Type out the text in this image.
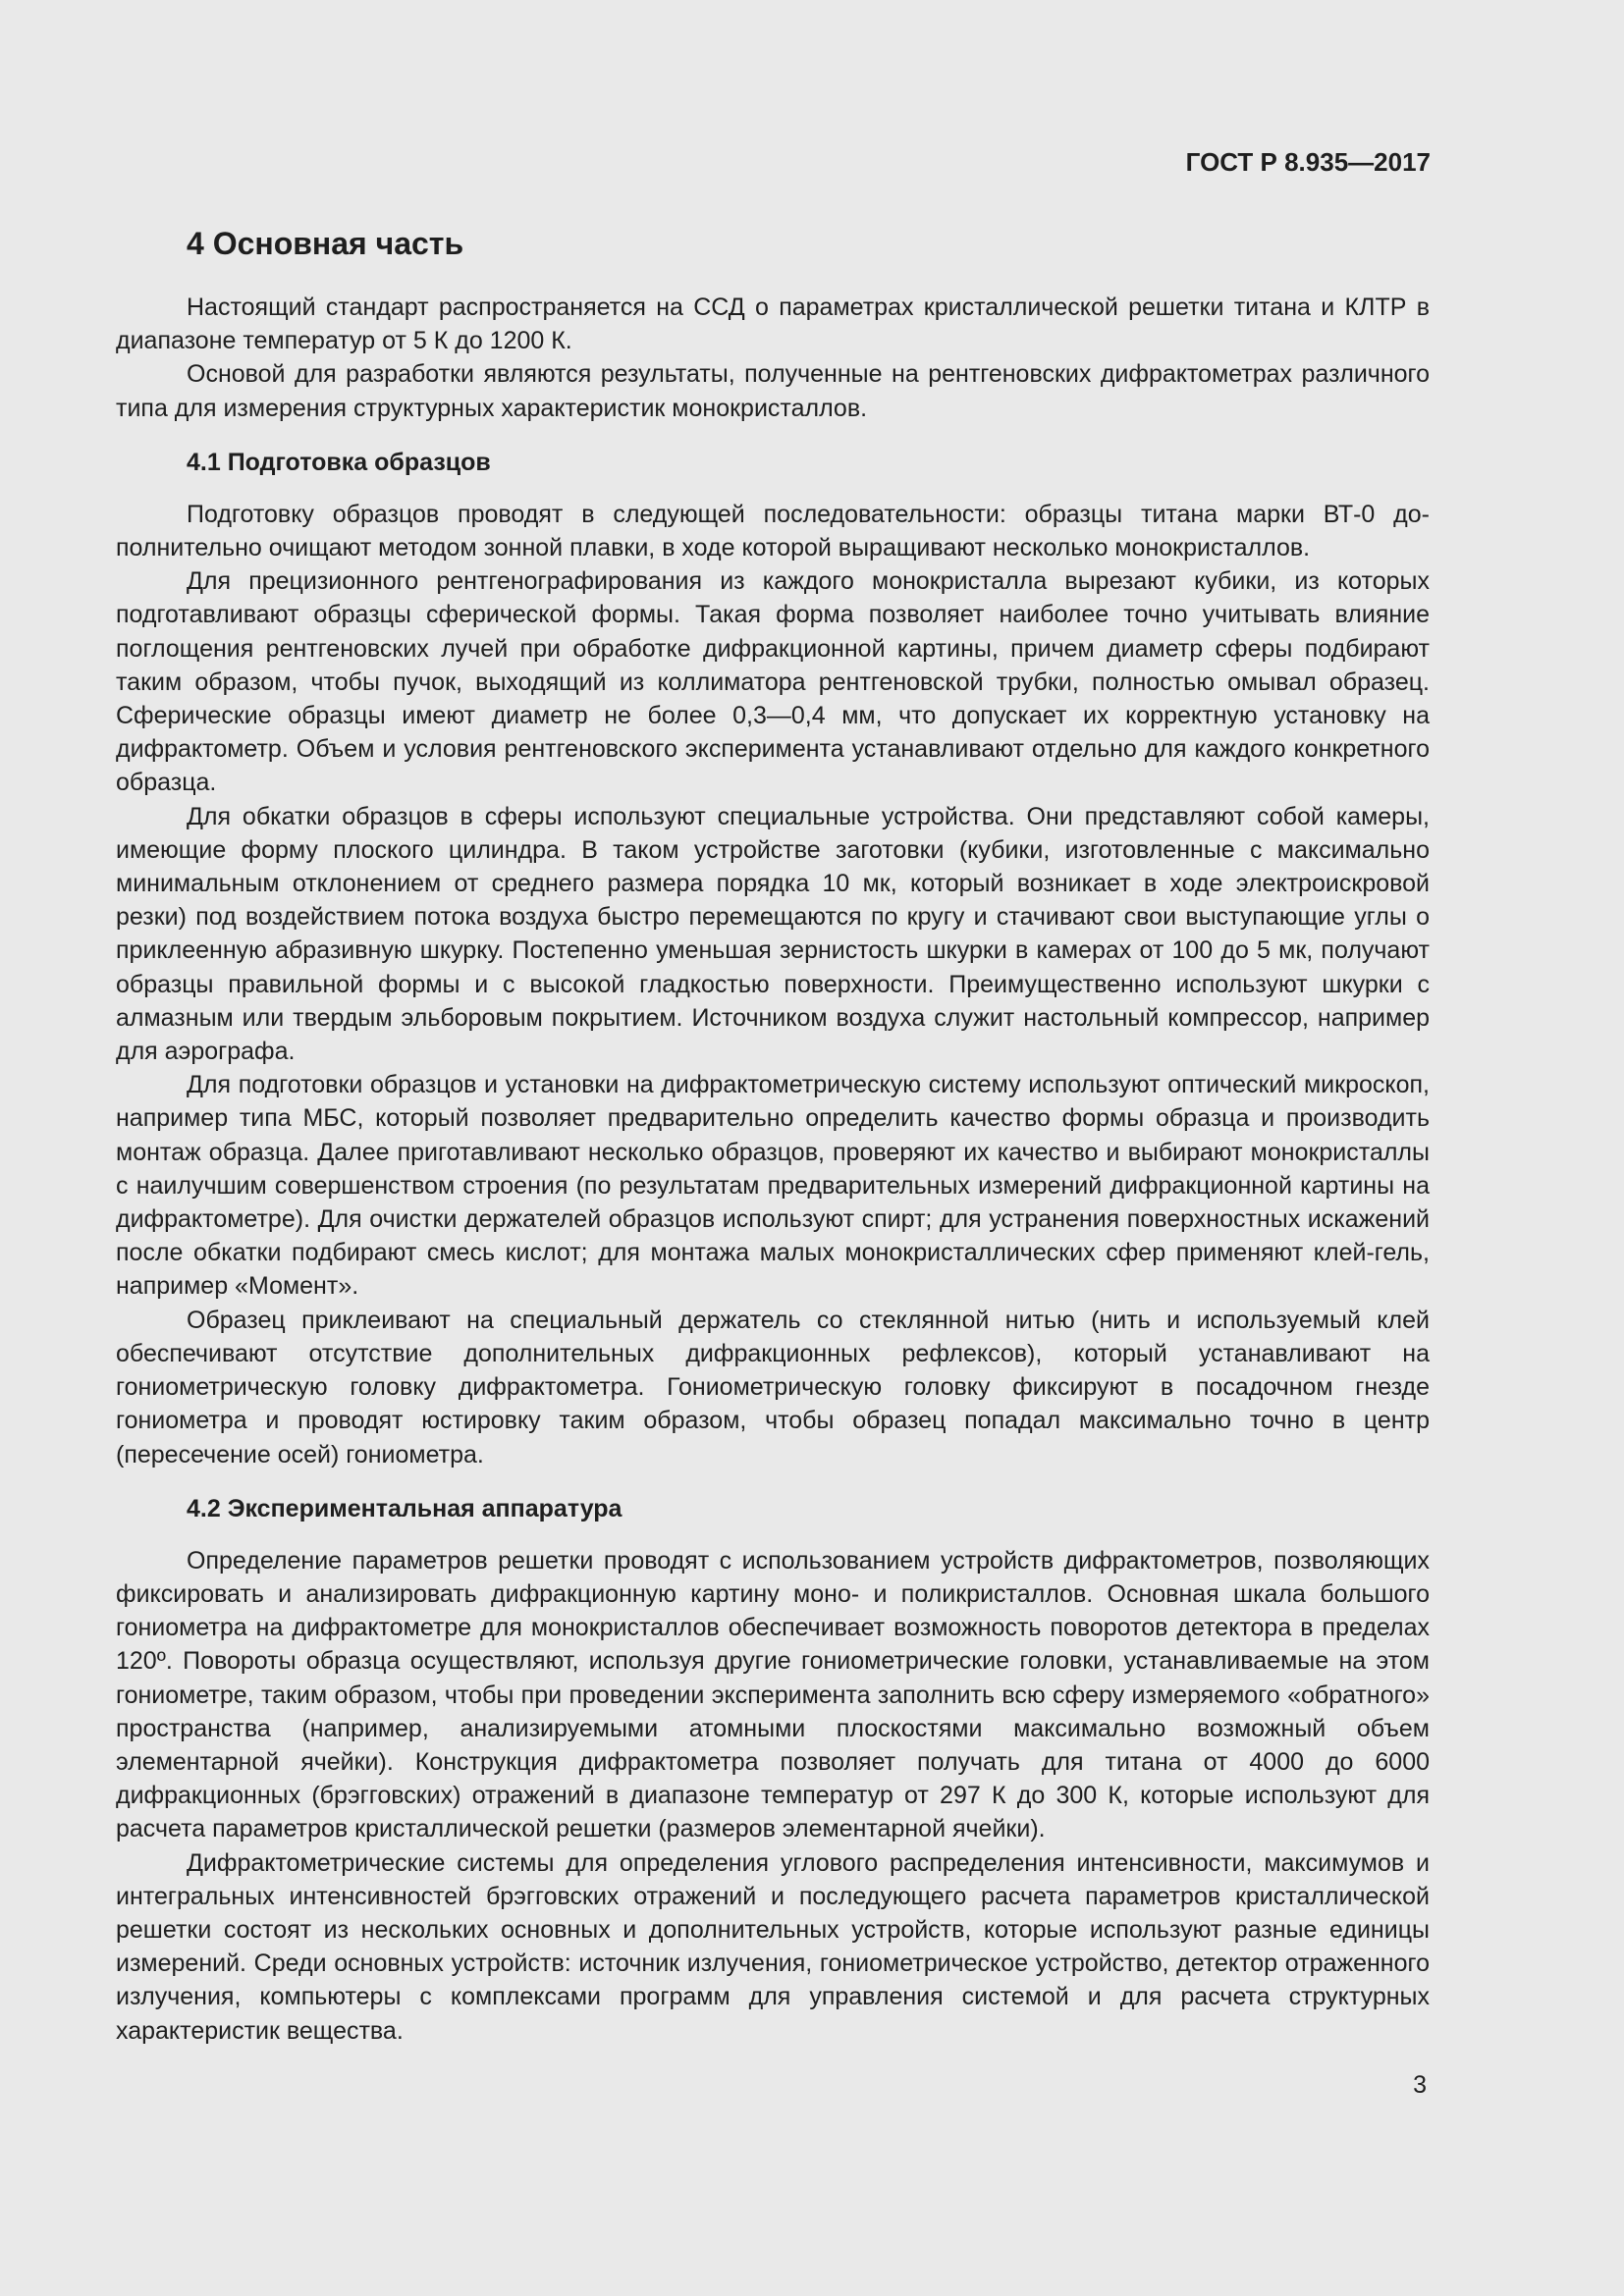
ГОСТ Р 8.935—2017
4 Основная часть

Настоящий стандарт распространяется на ССД о параметрах кристаллической решетки титана и КЛТР в диапазоне температур от 5 К до 1200 К.

Основой для разработки являются результаты, полученные на рентгеновских дифрактометрах различного типа для измерения структурных характеристик монокристаллов.

4.1 Подготовка образцов

Подготовку образцов проводят в следующей последовательности: образцы титана марки ВТ-0 дополнительно очищают методом зонной плавки, в ходе которой выращивают несколько монокристаллов.

Для прецизионного рентгенографирования из каждого монокристалла вырезают кубики, из которых подготавливают образцы сферической формы. Такая форма позволяет наиболее точно учитывать влияние поглощения рентгеновских лучей при обработке дифракционной картины, причем диаметр сферы подбирают таким образом, чтобы пучок, выходящий из коллиматора рентгеновской трубки, полностью омывал образец. Сферические образцы имеют диаметр не более 0,3—0,4 мм, что допускает их корректную установку на дифрактометр. Объем и условия рентгеновского эксперимента устанавливают отдельно для каждого конкретного образца.

Для обкатки образцов в сферы используют специальные устройства. Они представляют собой камеры, имеющие форму плоского цилиндра. В таком устройстве заготовки (кубики, изготовленные с максимально минимальным отклонением от среднего размера порядка 10 мк, который возникает в ходе электроискровой резки) под воздействием потока воздуха быстро перемещаются по кругу и стачивают свои выступающие углы о приклеенную абразивную шкурку. Постепенно уменьшая зернистость шкурки в камерах от 100 до 5 мк, получают образцы правильной формы и с высокой гладкостью поверхности. Преимущественно используют шкурки с алмазным или твердым эльборовым покрытием. Источником воздуха служит настольный компрессор, например для аэрографа.

Для подготовки образцов и установки на дифрактометрическую систему используют оптический микроскоп, например типа МБС, который позволяет предварительно определить качество формы образца и производить монтаж образца. Далее приготавливают несколько образцов, проверяют их качество и выбирают монокристаллы с наилучшим совершенством строения (по результатам предварительных измерений дифракционной картины на дифрактометре). Для очистки держателей образцов используют спирт; для устранения поверхностных искажений после обкатки подбирают смесь кислот; для монтажа малых монокристаллических сфер применяют клей-гель, например «Момент».

Образец приклеивают на специальный держатель со стеклянной нитью (нить и используемый клей обеспечивают отсутствие дополнительных дифракционных рефлексов), который устанавливают на гониометрическую головку дифрактометра. Гониометрическую головку фиксируют в посадочном гнезде гониометра и проводят юстировку таким образом, чтобы образец попадал максимально точно в центр (пересечение осей) гониометра.

4.2 Экспериментальная аппаратура

Определение параметров решетки проводят с использованием устройств дифрактометров, позволяющих фиксировать и анализировать дифракционную картину моно- и поликристаллов. Основная шкала большого гониометра на дифрактометре для монокристаллов обеспечивает возможность поворотов детектора в пределах 120º. Повороты образца осуществляют, используя другие гониометрические головки, устанавливаемые на этом гониометре, таким образом, чтобы при проведении эксперимента заполнить всю сферу измеряемого «обратного» пространства (например, анализируемыми атомными плоскостями максимально возможный объем элементарной ячейки). Конструкция дифрактометра позволяет получать для титана от 4000 до 6000 дифракционных (брэгговских) отражений в диапазоне температур от 297 К до 300 К, которые используют для расчета параметров кристаллической решетки (размеров элементарной ячейки).

Дифрактометрические системы для определения углового распределения интенсивности, максимумов и интегральных интенсивностей брэгговских отражений и последующего расчета параметров кристаллической решетки состоят из нескольких основных и дополнительных устройств, которые используют разные единицы измерений. Среди основных устройств: источник излучения, гониометрическое устройство, детектор отраженного излучения, компьютеры с комплексами программ для управления системой и для расчета структурных характеристик вещества.

3
